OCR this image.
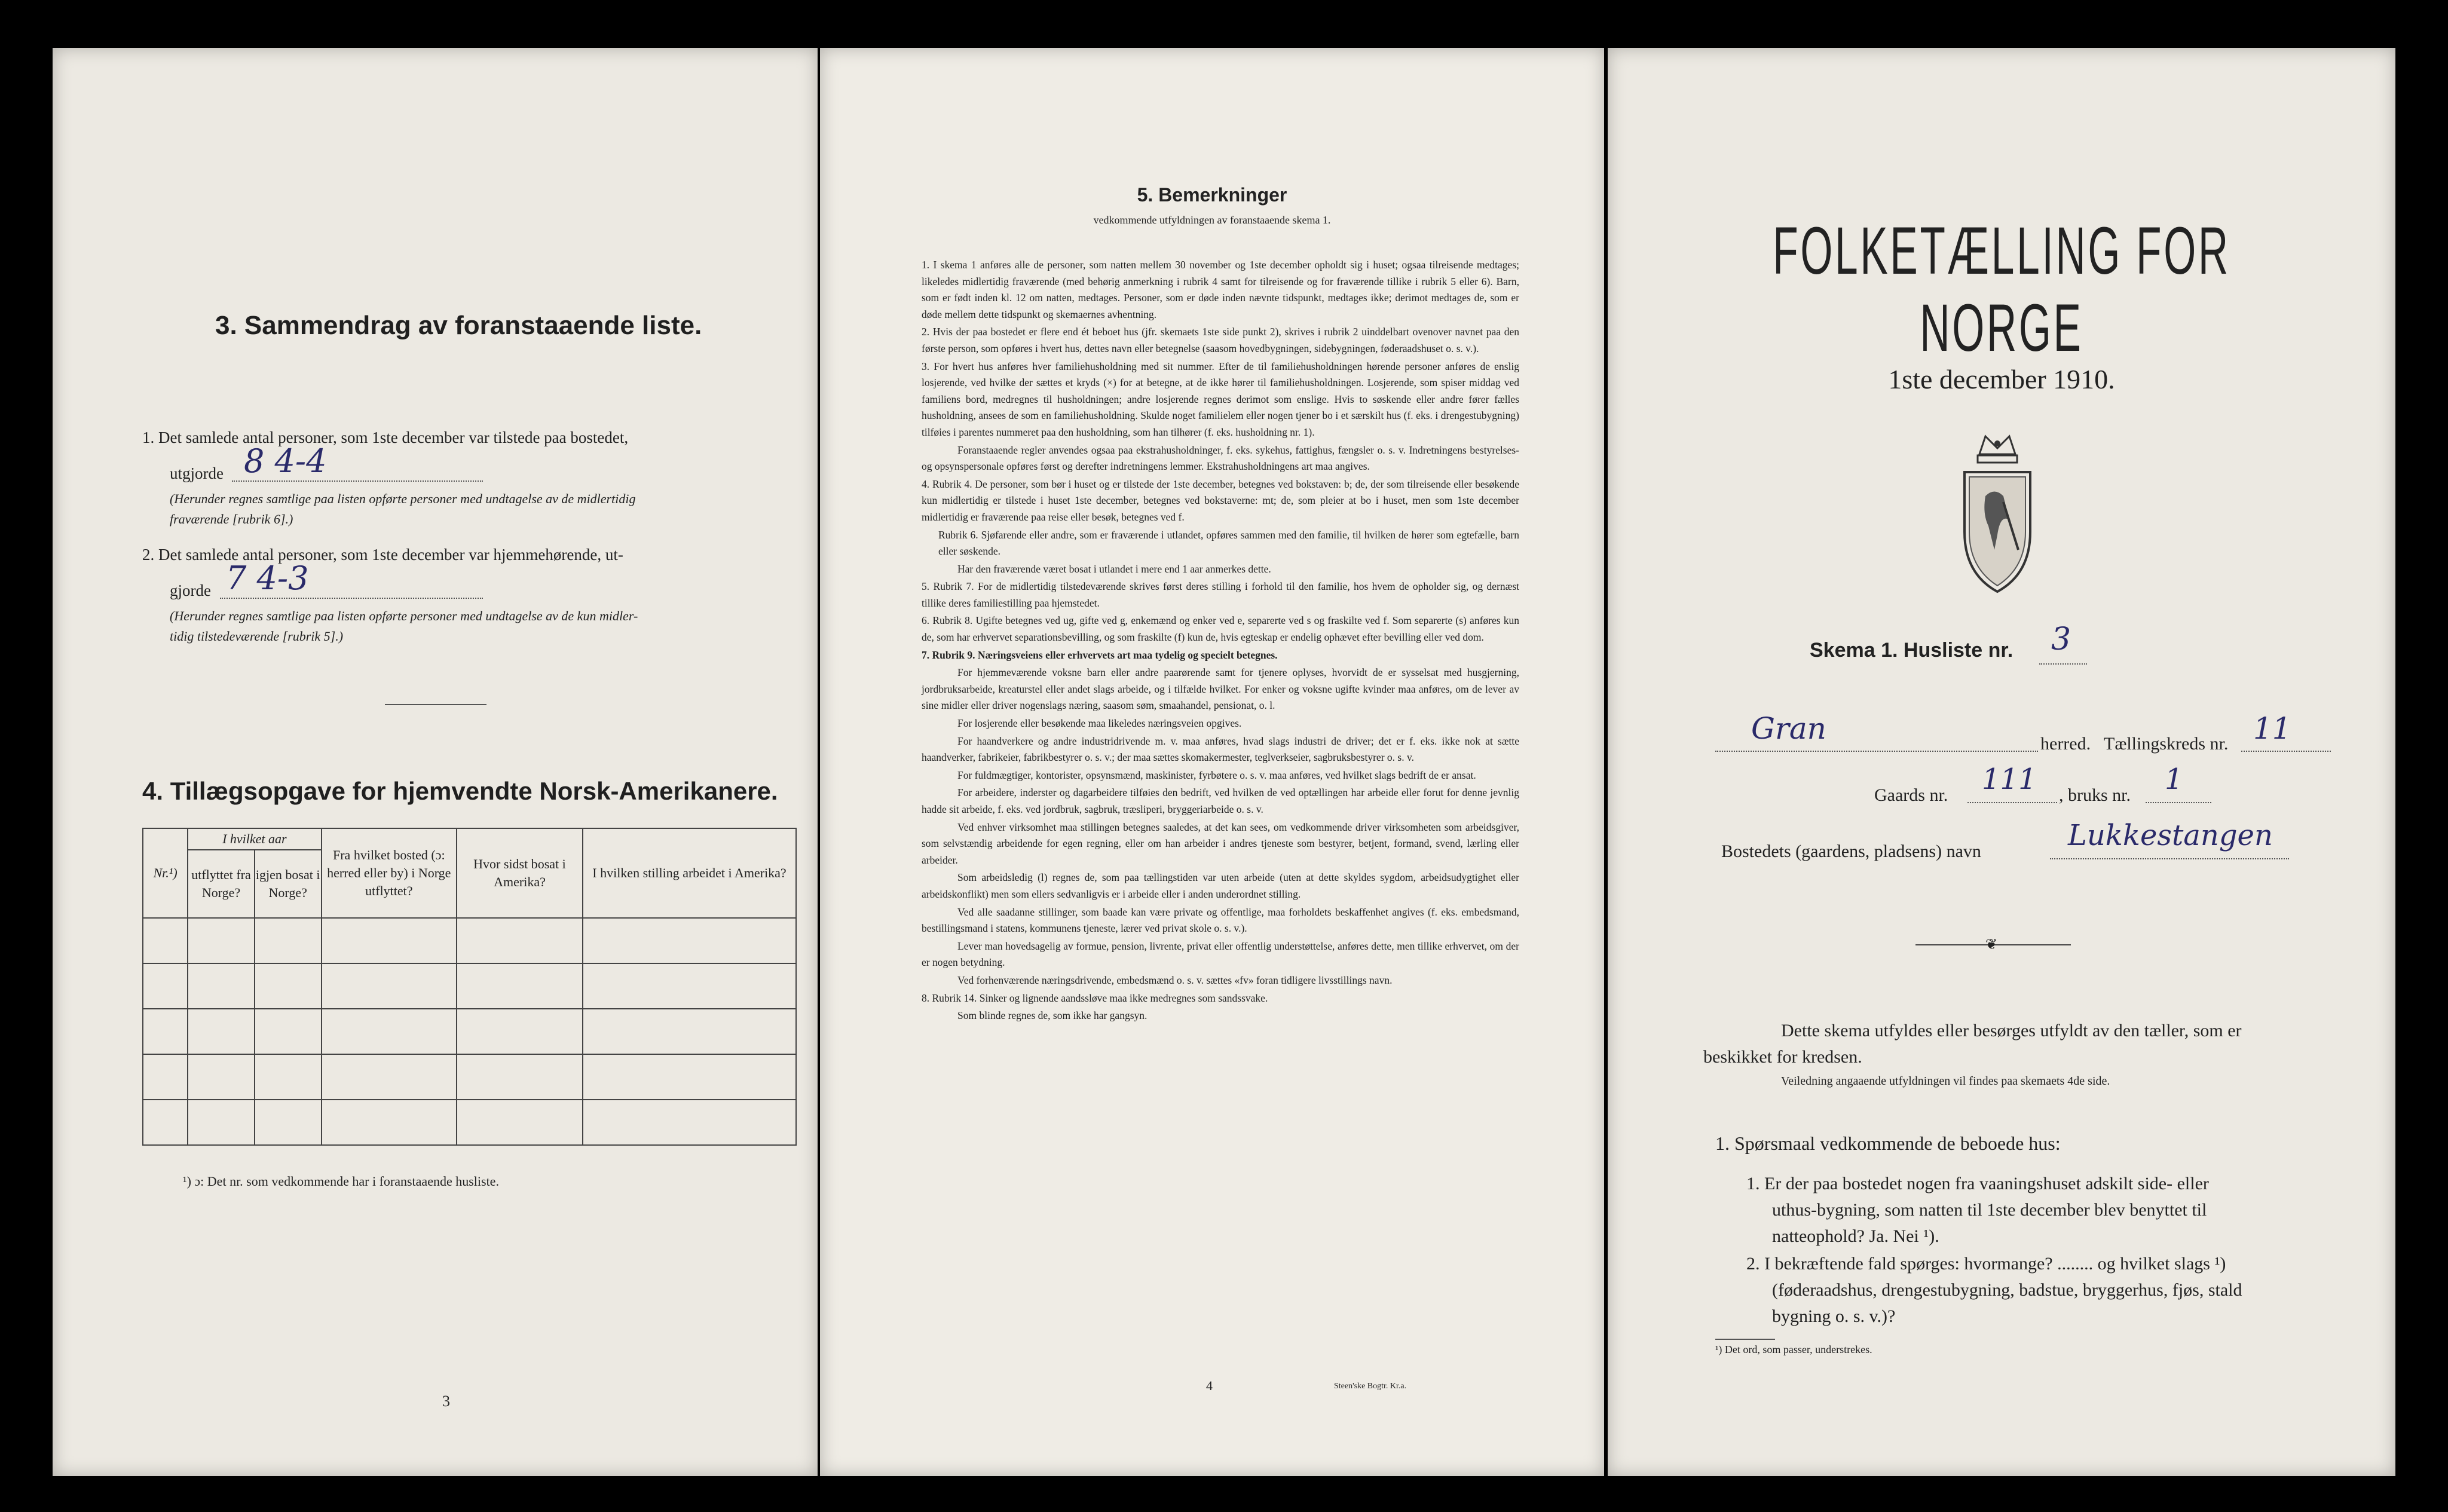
3. Sammendrag av foranstaaende liste.
1. Det samlede antal personer, som 1ste december var tilstede paa bostedet,
utgjorde 8 4-4
(Herunder regnes samtlige paa listen opførte personer med undtagelse av de midlertidig
fraværende [rubrik 6].)
2. Det samlede antal personer, som 1ste december var hjemmehørende, ut-
gjorde 7 4-3
(Herunder regnes samtlige paa listen opførte personer med undtagelse av de kun midler-
tidig tilstedeværende [rubrik 5].)
4. Tillægsopgave for hjemvendte Norsk-Amerikanere.
Nr.¹)	I hvilket aar		Fra hvilket bosted (ɔ: herred eller by) i Norge utflyttet?	Hvor sidst bosat i Amerika?	I hvilken stilling arbeidet i Amerika?
	utflyttet fra Norge?	igjen bosat i Norge?			

¹) ɔ: Det nr. som vedkommende har i foranstaaende husliste.
3
5. Bemerkninger
vedkommende utfyldningen av foranstaaende skema 1.

1. I skema 1 anføres alle de personer, som natten mellem 30 november og 1ste december opholdt sig i huset; ogsaa tilreisende medtages; likeledes midlertidig fraværende (med behørig anmerkning i rubrik 4 samt for tilreisende og for fraværende tillike i rubrik 5 eller 6). Barn, som er født inden kl. 12 om natten, medtages. Personer, som er døde inden nævnte tidspunkt, medtages ikke; derimot medtages de, som er døde mellem dette tidspunkt og skemaernes avhentning.

2. Hvis der paa bostedet er flere end ét beboet hus (jfr. skemaets 1ste side punkt 2), skrives i rubrik 2 uinddelbart ovenover navnet paa den første person, som opføres i hvert hus, dettes navn eller betegnelse (saasom hovedbygningen, sidebygningen, føderaadshuset o. s. v.).

3. For hvert hus anføres hver familiehusholdning med sit nummer. Efter de til familiehusholdningen hørende personer anføres de enslig losjerende, ved hvilke der sættes et kryds (×) for at betegne, at de ikke hører til familiehusholdningen. Losjerende, som spiser middag ved familiens bord, medregnes til husholdningen; andre losjerende regnes derimot som enslige. Hvis to søskende eller andre fører fælles husholdning, ansees de som en familiehusholdning. Skulde noget familielem eller nogen tjener bo i et særskilt hus (f. eks. i drengestubygning) tilføies i parentes nummeret paa den husholdning, som han tilhører (f. eks. husholdning nr. 1).

Foranstaaende regler anvendes ogsaa paa ekstrahusholdninger, f. eks. sykehus, fattighus, fængsler o. s. v. Indretningens bestyrelses- og opsynspersonale opføres først og derefter indretningens lemmer. Ekstrahusholdningens art maa angives.

4. Rubrik 4. De personer, som bør i huset og er tilstede der 1ste december, betegnes ved bokstaven: b; de, der som tilreisende eller besøkende kun midlertidig er tilstede i huset 1ste december, betegnes ved bokstaverne: mt; de, som pleier at bo i huset, men som 1ste december midlertidig er fraværende paa reise eller besøk, betegnes ved f.

Rubrik 6. Sjøfarende eller andre, som er fraværende i utlandet, opføres sammen med den familie, til hvilken de hører som egtefælle, barn eller søskende.

Har den fraværende været bosat i utlandet i mere end 1 aar anmerkes dette.

5. Rubrik 7. For de midlertidig tilstedeværende skrives først deres stilling i forhold til den familie, hos hvem de opholder sig, og dernæst tillike deres familiestilling paa hjemstedet.

6. Rubrik 8. Ugifte betegnes ved ug, gifte ved g, enkemænd og enker ved e, separerte ved s og fraskilte ved f. Som separerte (s) anføres kun de, som har erhvervet separationsbevilling, og som fraskilte (f) kun de, hvis egteskap er endelig ophævet efter bevilling eller ved dom.

7. Rubrik 9. Næringsveiens eller erhvervets art maa tydelig og specielt betegnes.

For hjemmeværende voksne barn eller andre paarørende samt for tjenere oplyses, hvorvidt de er sysselsat med husgjerning, jordbruksarbeide, kreaturstel eller andet slags arbeide, og i tilfælde hvilket. For enker og voksne ugifte kvinder maa anføres, om de lever av sine midler eller driver nogenslags næring, saasom søm, smaahandel, pensionat, o. l.

For losjerende eller besøkende maa likeledes næringsveien opgives.

For haandverkere og andre industridrivende m. v. maa anføres, hvad slags industri de driver; det er f. eks. ikke nok at sætte haandverker, fabrikeier, fabrikbestyrer o. s. v.; der maa sættes skomakermester, teglverkseier, sagbruksbestyrer o. s. v.

For fuldmægtiger, kontorister, opsynsmænd, maskinister, fyrbøtere o. s. v. maa anføres, ved hvilket slags bedrift de er ansat.

For arbeidere, inderster og dagarbeidere tilføies den bedrift, ved hvilken de ved optællingen har arbeide eller forut for denne jevnlig hadde sit arbeide, f. eks. ved jordbruk, sagbruk, træsliperi, bryggeriarbeide o. s. v.

Ved enhver virksomhet maa stillingen betegnes saaledes, at det kan sees, om vedkommende driver virksomheten som arbeidsgiver, som selvstændig arbeidende for egen regning, eller om han arbeider i andres tjeneste som bestyrer, betjent, formand, svend, lærling eller arbeider.

Som arbeidsledig (l) regnes de, som paa tællingstiden var uten arbeide (uten at dette skyldes sygdom, arbeidsudygtighet eller arbeidskonflikt) men som ellers sedvanligvis er i arbeide eller i anden underordnet stilling.

Ved alle saadanne stillinger, som baade kan være private og offentlige, maa forholdets beskaffenhet angives (f. eks. embedsmand, bestillingsmand i statens, kommunens tjeneste, lærer ved privat skole o. s. v.).

Lever man hovedsagelig av formue, pension, livrente, privat eller offentlig understøttelse, anføres dette, men tillike erhvervet, om der er nogen betydning.

Ved forhenværende næringsdrivende, embedsmænd o. s. v. sættes «fv» foran tidligere livsstillings navn.

8. Rubrik 14. Sinker og lignende aandssløve maa ikke medregnes som sandssvake.

Som blinde regnes de, som ikke har gangsyn.

4	Steen'ske Bogtr. Kr.a.
FOLKETÆLLING FOR NORGE
1ste december 1910.
Skema 1. Husliste nr. 3
Gran	herred. Tællingskreds nr. 11
Gaards nr. 111 , bruks nr. 1
Bostedets (gaardens, pladsens) navn	Lukkestangen
❦
Dette skema utfyldes eller besørges utfyldt av den tæller, som er
beskikket for kredsen.
Veiledning angaaende utfyldningen vil findes paa skemaets 4de side.
1. Spørsmaal vedkommende de beboede hus:
1. Er der paa bostedet nogen fra vaaningshuset adskilt side- eller
uthus-bygning, som natten til 1ste december blev benyttet til
natteophold? Ja. Nei ¹).
2. I bekræftende fald spørges: hvormange? ........ og hvilket slags ¹)
(føderaadshus, drengestubygning, badstue, bryggerhus, fjøs, stald
bygning o. s. v.)?
¹) Det ord, som passer, understrekes.
